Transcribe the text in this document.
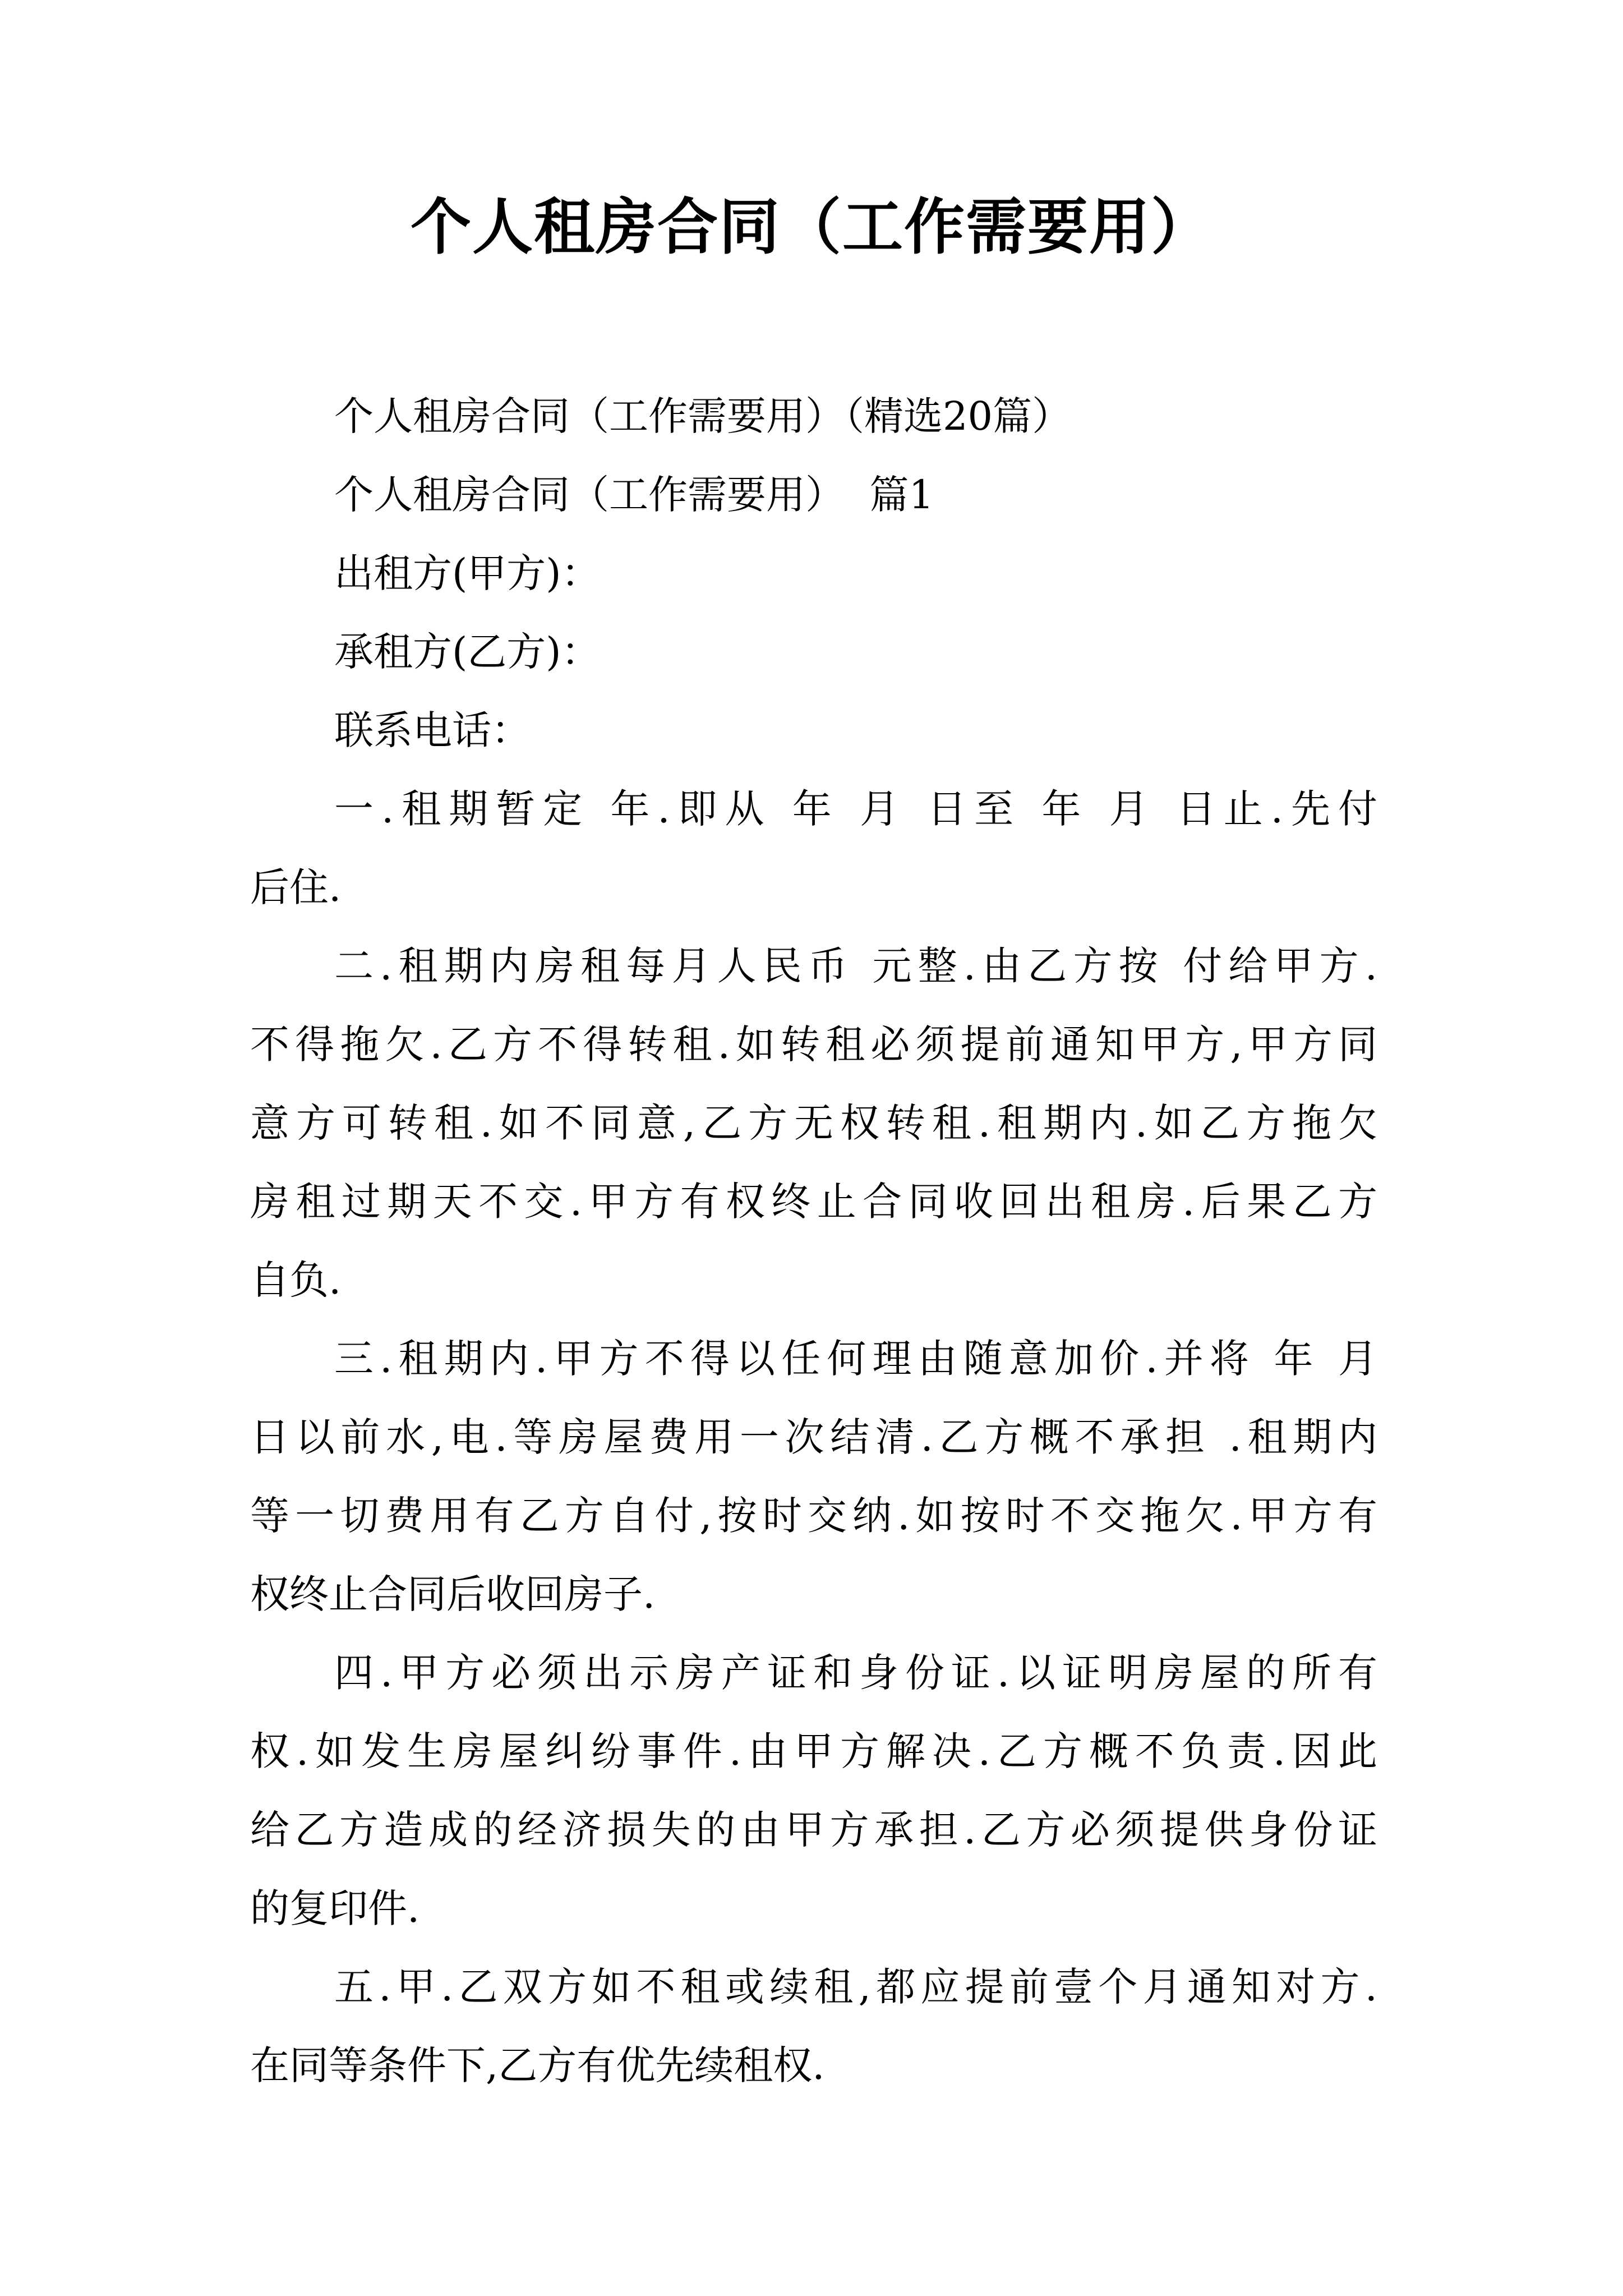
个人租房合同（工作需要用）
个人租房合同（工作需要用）（精选20篇）
个人租房合同（工作需要用）  篇1
出租方(甲方)：
承租方(乙方)：
联系电话：
一.租期暂定 年.即从 年 月 日至 年 月 日止.先付
后住.
二.租期内房租每月人民币 元整.由乙方按 付给甲方.
不得拖欠.乙方不得转租.如转租必须提前通知甲方,甲方同
意方可转租.如不同意,乙方无权转租.租期内.如乙方拖欠
房租过期天不交.甲方有权终止合同收回出租房.后果乙方
自负.
三.租期内.甲方不得以任何理由随意加价.并将 年 月
日以前水,电.等房屋费用一次结清.乙方概不承担 .租期内
等一切费用有乙方自付,按时交纳.如按时不交拖欠.甲方有
权终止合同后收回房子.
四.甲方必须出示房产证和身份证.以证明房屋的所有
权.如发生房屋纠纷事件.由甲方解决.乙方概不负责.因此
给乙方造成的经济损失的由甲方承担.乙方必须提供身份证
的复印件.
五.甲.乙双方如不租或续租,都应提前壹个月通知对方.
在同等条件下,乙方有优先续租权.
